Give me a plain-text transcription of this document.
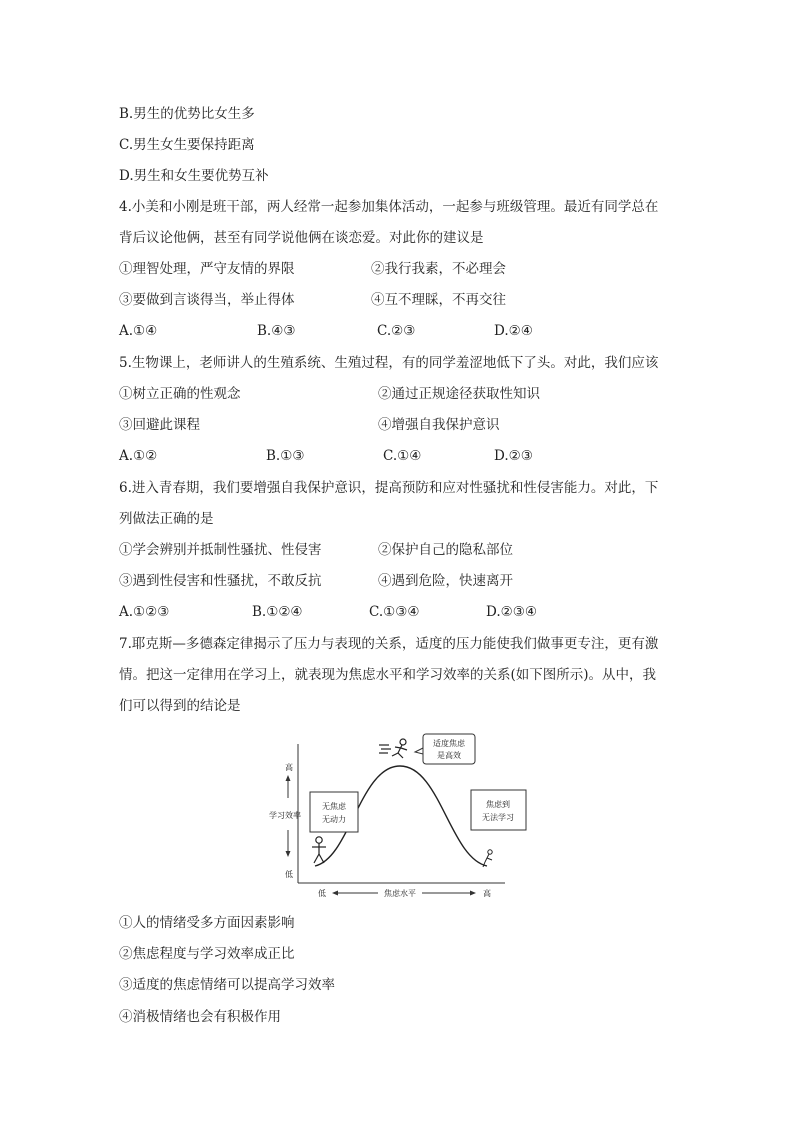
B.男生的优势比女生多
C.男生女生要保持距离
D.男生和女生要优势互补
4.小美和小刚是班干部，两人经常一起参加集体活动，一起参与班级管理。最近有同学总在
背后议论他俩，甚至有同学说他俩在谈恋爱。对此你的建议是
①理智处理，严守友情的界限	②我行我素，不必理会
③要做到言谈得当，举止得体	④互不理睬，不再交往
A.①④	B.④③	C.②③	D.②④
5.生物课上，老师讲人的生殖系统、生殖过程，有的同学羞涩地低下了头。对此，我们应该
①树立正确的性观念	②通过正规途径获取性知识
③回避此课程	④增强自我保护意识
A.①②	B.①③	C.①④	D.②③
6.进入青春期，我们要增强自我保护意识，提高预防和应对性骚扰和性侵害能力。对此，下
列做法正确的是
①学会辨别并抵制性骚扰、性侵害	②保护自己的隐私部位
③遇到性侵害和性骚扰，不敢反抗	④遇到危险，快速离开
A.①②③	B.①②④	C.①③④	D.②③④
7.耶克斯—多德森定律揭示了压力与表现的关系，适度的压力能使我们做事更专注，更有激
情。把这一定律用在学习上，就表现为焦虑水平和学习效率的关系(如下图所示)。从中，我
们可以得到的结论是
高
学习效率
低
低	焦虑水平	高
无焦虑
无动力
焦虑到
无法学习
适度焦虑
是高效
①人的情绪受多方面因素影响
②焦虑程度与学习效率成正比
③适度的焦虑情绪可以提高学习效率
④消极情绪也会有积极作用
